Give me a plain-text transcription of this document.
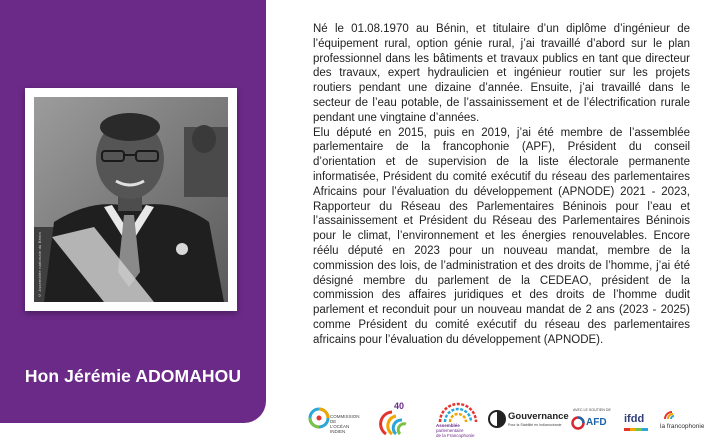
© Assemblée nationale du Bénin
Hon Jérémie ADOMAHOU

Né le 01.08.1970 au Bénin, et titulaire d’un diplôme d’ingénieur de l’équipement rural, option génie rural, j’ai travaillé d’abord sur le plan professionnel dans les bâtiments et travaux publics en tant que directeur des travaux, expert hydraulicien et ingénieur routier sur les projets routiers pendant une dizaine d’année. Ensuite, j’ai travaillé dans le secteur de l’eau potable, de l’assainissement et de l’électrification rurale pendant une vingtaine d’années.

Elu député en 2015, puis en 2019, j’ai été membre de l’assemblée parlementaire de la francophonie (APF), Président du conseil d’orientation et de supervision de la liste électorale permanente informatisée, Président du comité exécutif du réseau des parlementaires Africains pour l’évaluation du développement (APNODE) 2021 - 2023, Rapporteur du Réseau des Parlementaires Béninois pour l’eau et l’assainissement et Président du Réseau des Parlementaires Béninois pour le climat, l’environnement et les énergies renouvelables. Encore réélu député en 2023 pour un nouveau mandat, membre de la commission des lois, de l’administration et des droits de l’homme, j’ai été désigné membre du parlement de la CEDEAO, président de la commission des affaires juridiques et des droits de l’homme dudit parlement et reconduit pour un nouveau mandat de 2 ans (2023 - 2025) comme Président du comité exécutif du réseau des parlementaires africains pour l’évaluation du développement (APNODE).

COMMISSION DE L’OCÉAN INDIEN
40
Assemblée
parlementaire
de la Francophonie
Gouvernance
Pour la Stabilité en Indianocéanie
AVEC LE SOUTIEN DE
AFD ifdd
la francophonie
